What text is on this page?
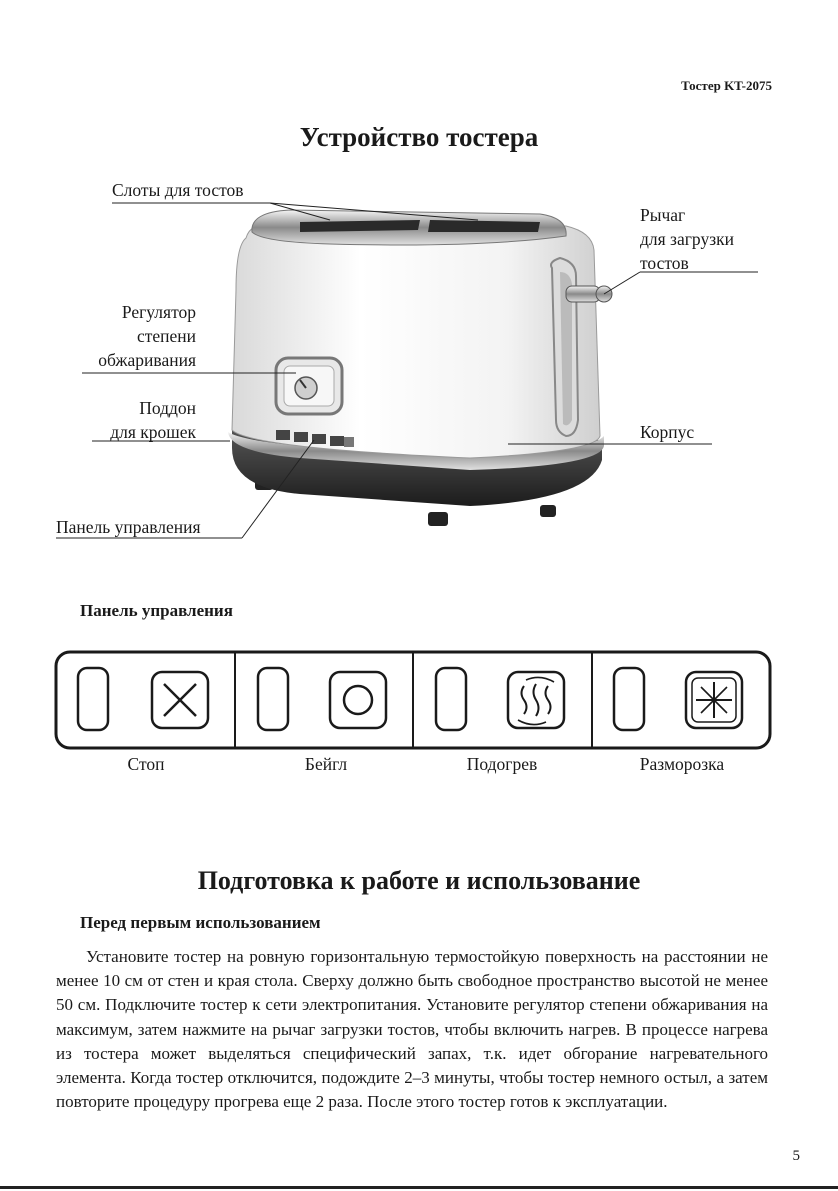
Тостер KT-2075
Устройство тостера
Слоты для тостов
Рычаг
для загрузки
тостов
Регулятор
степени
обжаривания
Поддон
для крошек	Корпус
Панель управления
Панель управления
Стоп	Бейгл	Подогрев	Разморозка
Подготовка к работе и использование
Перед первым использованием

Установите тостер на ровную горизонтальную термостойкую поверхность на расстоянии не менее 10 см от стен и края стола. Сверху должно быть свободное пространство высотой не менее 50 см. Подключите тостер к сети электропитания. Установите регулятор степени обжаривания на максимум, затем нажмите на рычаг загрузки тостов, чтобы включить нагрев. В процессе нагрева из тостера может выделяться специфический запах, т.к. идет обгорание нагревательного элемента. Когда тостер отключится, подождите 2–3 минуты, чтобы тостер немного остыл, а затем повторите процедуру прогрева еще 2 раза. После этого тостер готов к эксплуатации.

5
